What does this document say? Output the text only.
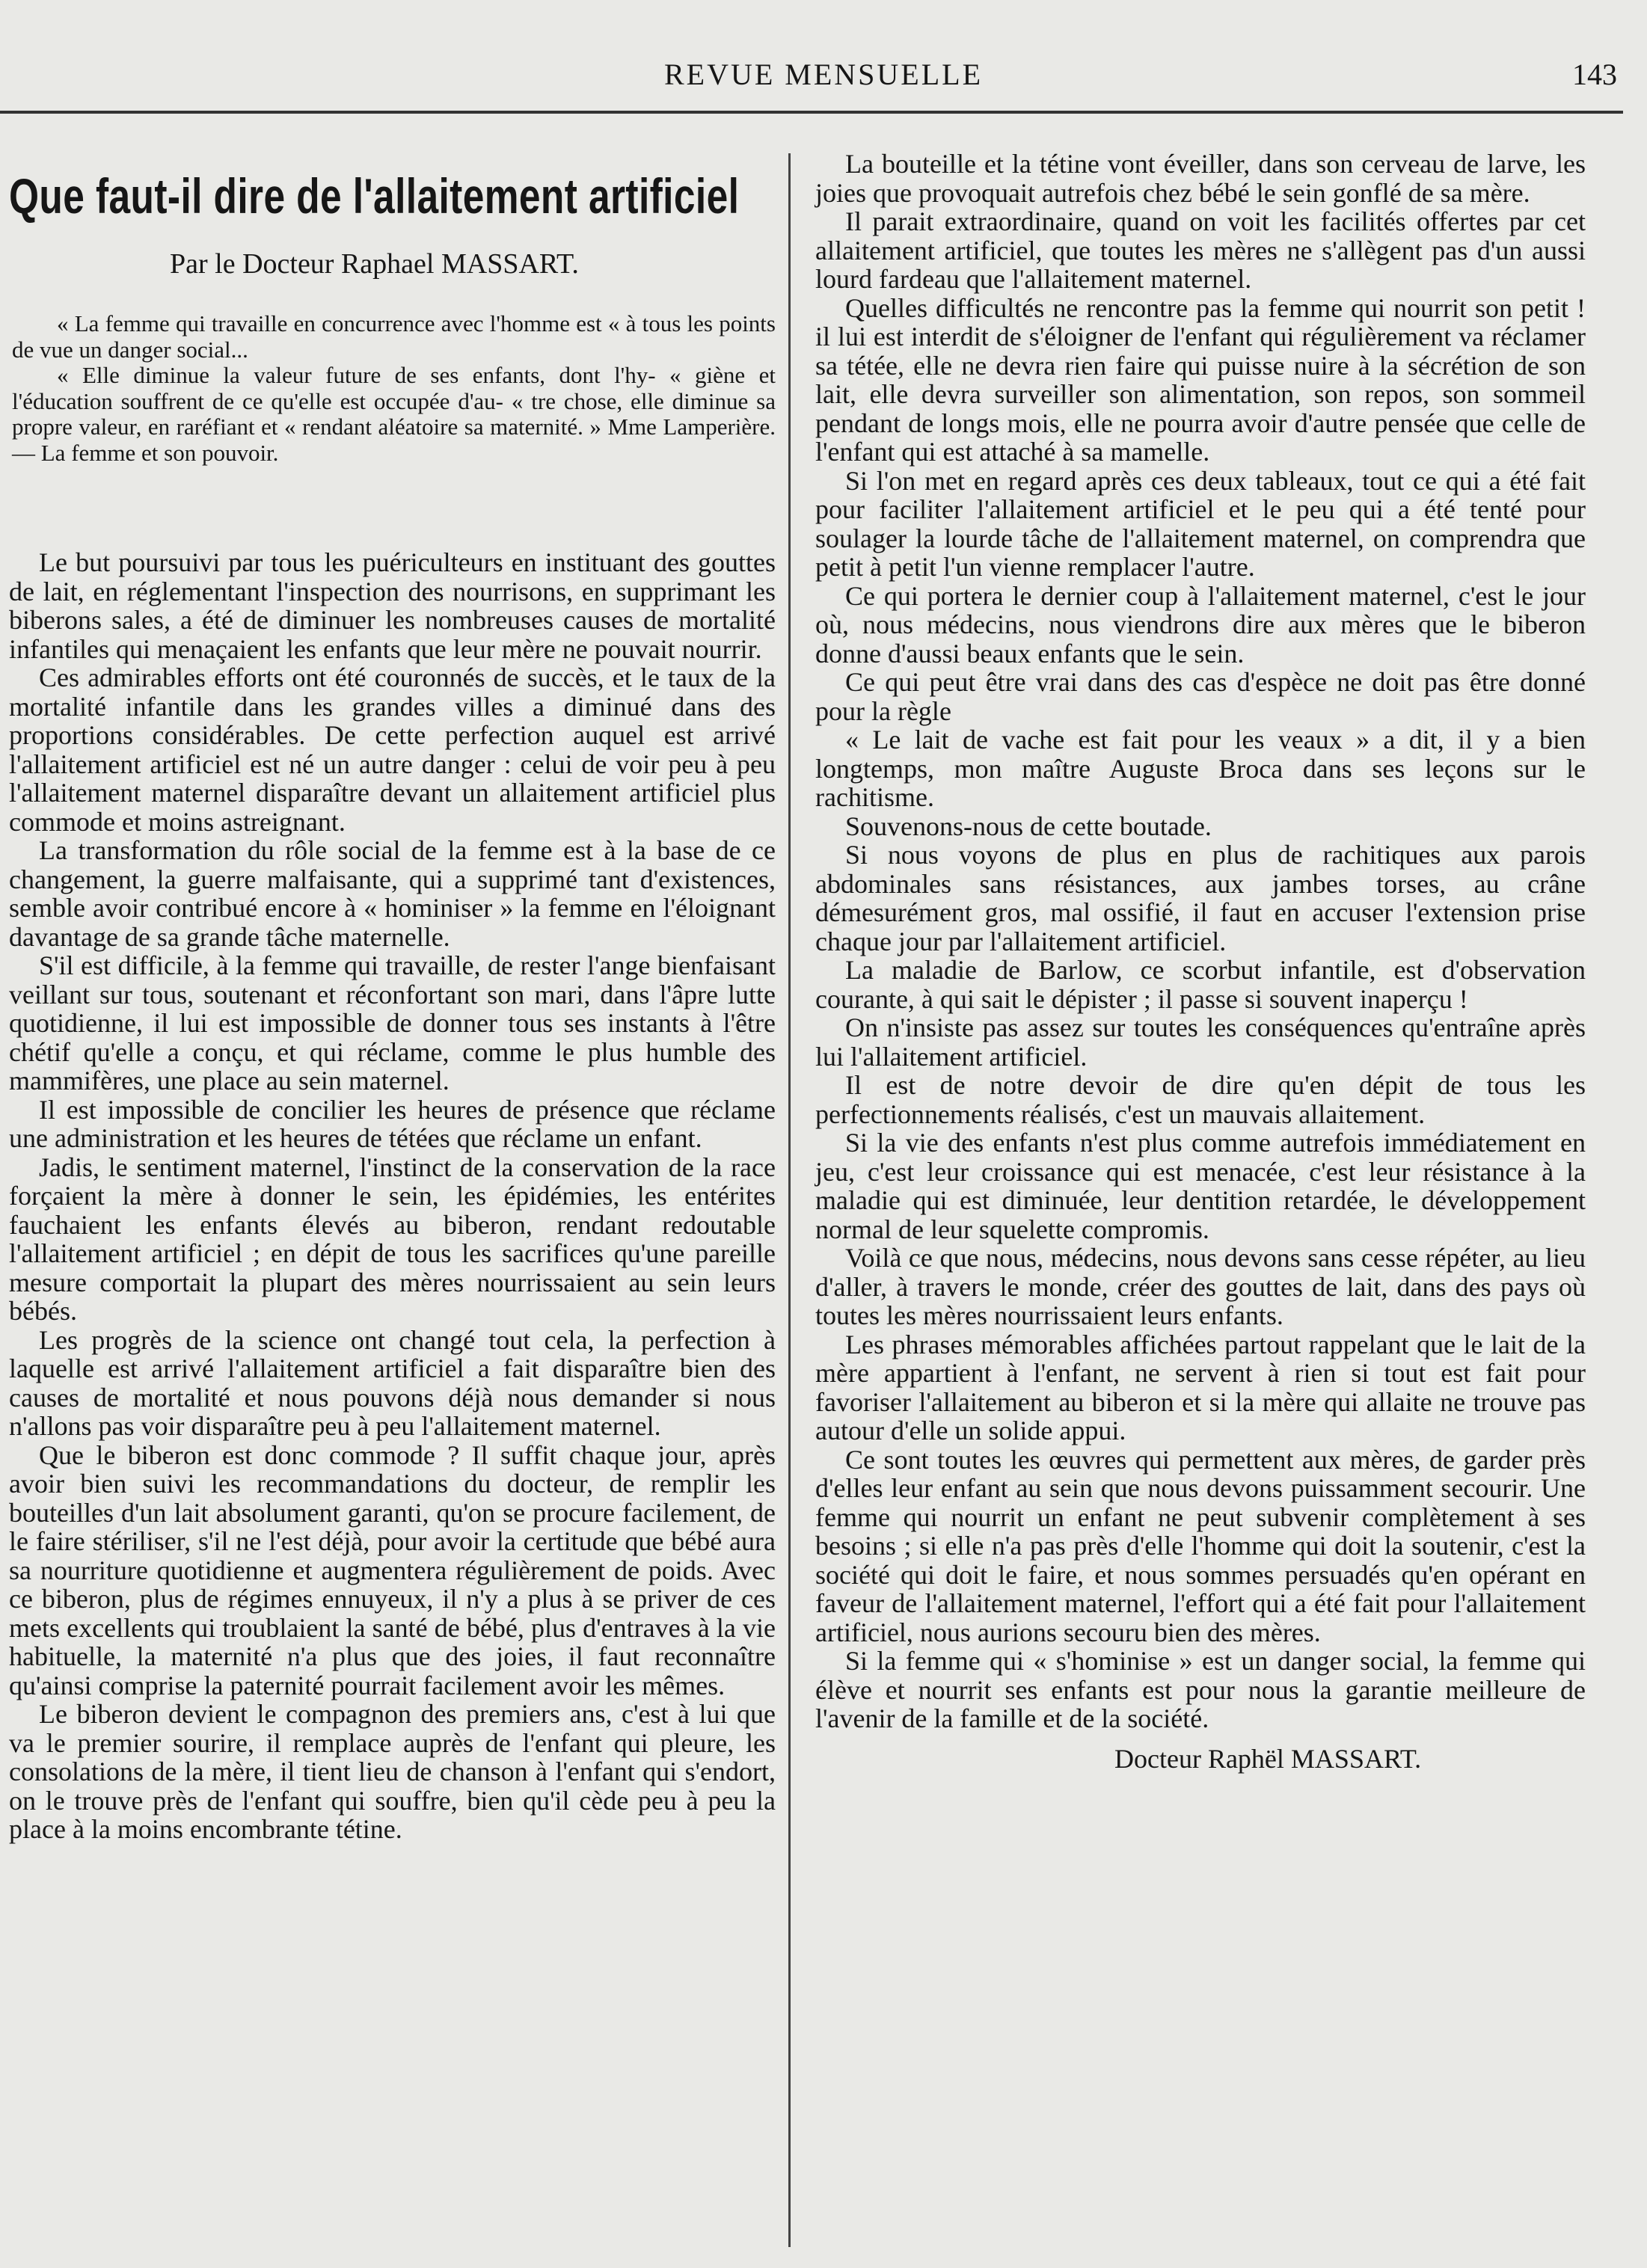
REVUE MENSUELLE	143
Que faut-il dire de l'allaitement artificiel
Par le Docteur Raphael MASSART.

« La femme qui travaille en concurrence avec l'homme est « à tous les points de vue un danger social...

« Elle diminue la valeur future de ses enfants, dont l'hy- « giène et l'éducation souffrent de ce qu'elle est occupée d'au- « tre chose, elle diminue sa propre valeur, en raréfiant et « rendant aléatoire sa maternité. » Mme Lamperière. — La femme et son pouvoir.

Le but poursuivi par tous les puériculteurs en instituant des gouttes de lait, en réglementant l'inspection des nourrisons, en supprimant les biberons sales, a été de diminuer les nombreuses causes de mortalité infantiles qui menaçaient les enfants que leur mère ne pouvait nourrir.

Ces admirables efforts ont été couronnés de succès, et le taux de la mortalité infantile dans les grandes villes a diminué dans des proportions considérables. De cette perfection auquel est arrivé l'allaitement artificiel est né un autre danger : celui de voir peu à peu l'allaitement maternel disparaître devant un allaitement artificiel plus commode et moins astreignant.

La transformation du rôle social de la femme est à la base de ce changement, la guerre malfaisante, qui a supprimé tant d'existences, semble avoir contribué encore à « hominiser » la femme en l'éloignant davantage de sa grande tâche maternelle.

S'il est difficile, à la femme qui travaille, de rester l'ange bienfaisant veillant sur tous, soutenant et réconfortant son mari, dans l'âpre lutte quotidienne, il lui est impossible de donner tous ses instants à l'être chétif qu'elle a conçu, et qui réclame, comme le plus humble des mammifères, une place au sein maternel.

Il est impossible de concilier les heures de présence que réclame une administration et les heures de tétées que réclame un enfant.

Jadis, le sentiment maternel, l'instinct de la conservation de la race forçaient la mère à donner le sein, les épidémies, les entérites fauchaient les enfants élevés au biberon, rendant redoutable l'allaitement artificiel ; en dépit de tous les sacrifices qu'une pareille mesure comportait la plupart des mères nourrissaient au sein leurs bébés.

Les progrès de la science ont changé tout cela, la perfection à laquelle est arrivé l'allaitement artificiel a fait disparaître bien des causes de mortalité et nous pouvons déjà nous demander si nous n'allons pas voir disparaître peu à peu l'allaitement maternel.

Que le biberon est donc commode ? Il suffit chaque jour, après avoir bien suivi les recommandations du docteur, de remplir les bouteilles d'un lait absolument garanti, qu'on se procure facilement, de le faire stériliser, s'il ne l'est déjà, pour avoir la certitude que bébé aura sa nourriture quotidienne et augmentera régulièrement de poids. Avec ce biberon, plus de régimes ennuyeux, il n'y a plus à se priver de ces mets excellents qui troublaient la santé de bébé, plus d'entraves à la vie habituelle, la maternité n'a plus que des joies, il faut reconnaître qu'ainsi comprise la paternité pourrait facilement avoir les mêmes.

Le biberon devient le compagnon des premiers ans, c'est à lui que va le premier sourire, il remplace auprès de l'enfant qui pleure, les consolations de la mère, il tient lieu de chanson à l'enfant qui s'endort, on le trouve près de l'enfant qui souffre, bien qu'il cède peu à peu la place à la moins encombrante tétine.

La bouteille et la tétine vont éveiller, dans son cerveau de larve, les joies que provoquait autrefois chez bébé le sein gonflé de sa mère.

Il parait extraordinaire, quand on voit les facilités offertes par cet allaitement artificiel, que toutes les mères ne s'allègent pas d'un aussi lourd fardeau que l'allaitement maternel.

Quelles difficultés ne rencontre pas la femme qui nourrit son petit ! il lui est interdit de s'éloigner de l'enfant qui régulièrement va réclamer sa tétée, elle ne devra rien faire qui puisse nuire à la sécrétion de son lait, elle devra surveiller son alimentation, son repos, son sommeil pendant de longs mois, elle ne pourra avoir d'autre pensée que celle de l'enfant qui est attaché à sa mamelle.

Si l'on met en regard après ces deux tableaux, tout ce qui a été fait pour faciliter l'allaitement artificiel et le peu qui a été tenté pour soulager la lourde tâche de l'allaitement maternel, on comprendra que petit à petit l'un vienne remplacer l'autre.

Ce qui portera le dernier coup à l'allaitement maternel, c'est le jour où, nous médecins, nous viendrons dire aux mères que le biberon donne d'aussi beaux enfants que le sein.

Ce qui peut être vrai dans des cas d'espèce ne doit pas être donné pour la règle

« Le lait de vache est fait pour les veaux » a dit, il y a bien longtemps, mon maître Auguste Broca dans ses leçons sur le rachitisme.

Souvenons-nous de cette boutade.

Si nous voyons de plus en plus de rachitiques aux parois abdominales sans résistances, aux jambes torses, au crâne démesurément gros, mal ossifié, il faut en accuser l'extension prise chaque jour par l'allaitement artificiel.

La maladie de Barlow, ce scorbut infantile, est d'observation courante, à qui sait le dépister ; il passe si souvent inaperçu !

On n'insiste pas assez sur toutes les conséquences qu'entraîne après lui l'allaitement artificiel.

Il est de notre devoir de dire qu'en dépit de tous les perfectionnements réalisés, c'est un mauvais allaitement.

Si la vie des enfants n'est plus comme autrefois immédiatement en jeu, c'est leur croissance qui est menacée, c'est leur résistance à la maladie qui est diminuée, leur dentition retardée, le développement normal de leur squelette compromis.

Voilà ce que nous, médecins, nous devons sans cesse répéter, au lieu d'aller, à travers le monde, créer des gouttes de lait, dans des pays où toutes les mères nourrissaient leurs enfants.

Les phrases mémorables affichées partout rappelant que le lait de la mère appartient à l'enfant, ne servent à rien si tout est fait pour favoriser l'allaitement au biberon et si la mère qui allaite ne trouve pas autour d'elle un solide appui.

Ce sont toutes les œuvres qui permettent aux mères, de garder près d'elles leur enfant au sein que nous devons puissamment secourir. Une femme qui nourrit un enfant ne peut subvenir complètement à ses besoins ; si elle n'a pas près d'elle l'homme qui doit la soutenir, c'est la société qui doit le faire, et nous sommes persuadés qu'en opérant en faveur de l'allaitement maternel, l'effort qui a été fait pour l'allaitement artificiel, nous aurions secouru bien des mères.

Si la femme qui « s'hominise » est un danger social, la femme qui élève et nourrit ses enfants est pour nous la garantie meilleure de l'avenir de la famille et de la société.

Docteur Raphël MASSART.
